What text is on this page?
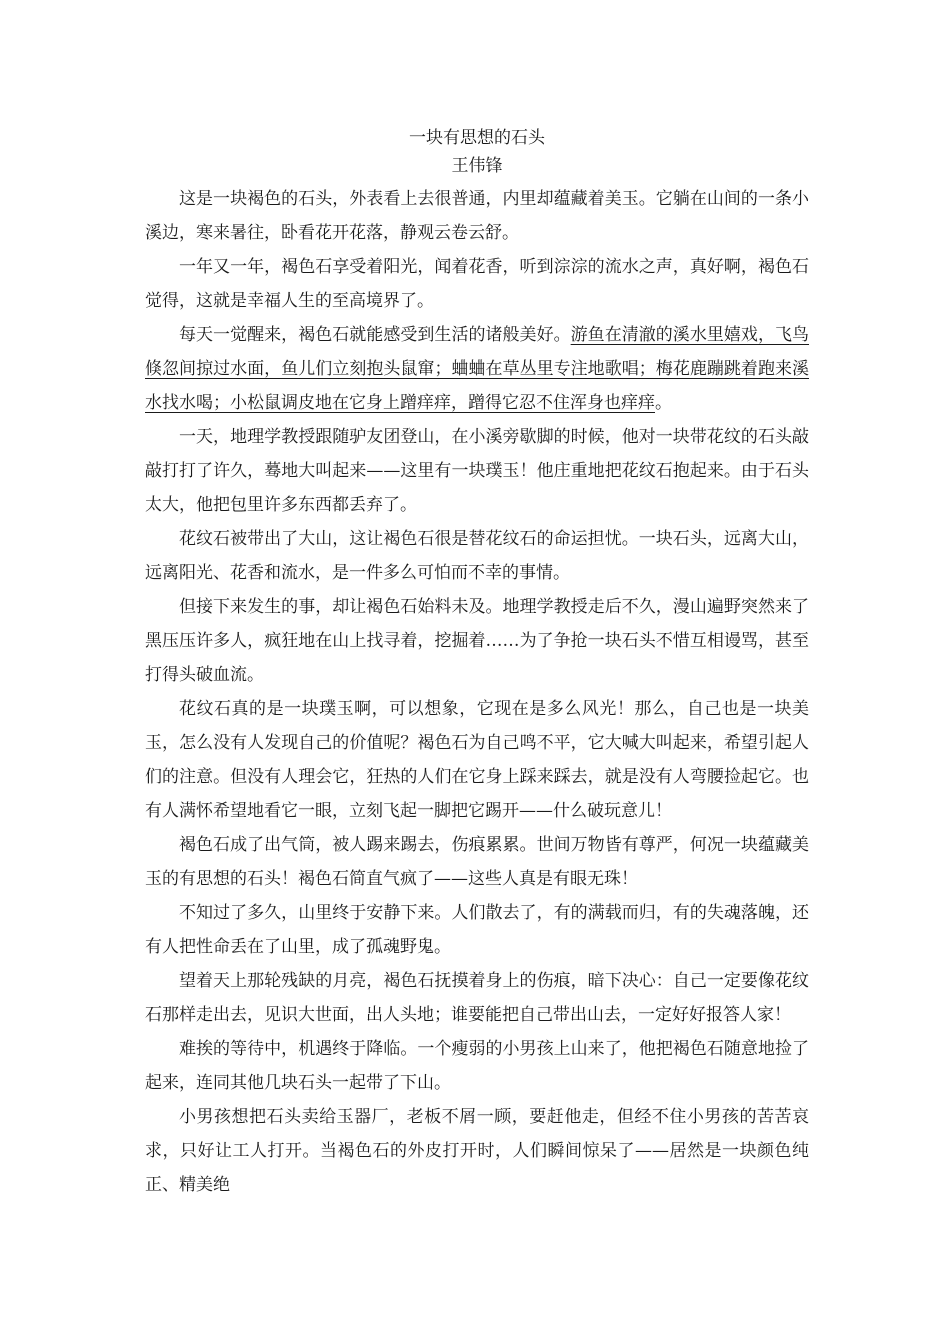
一块有思想的石头

王伟锋

这是一块褐色的石头，外表看上去很普通，内里却蕴藏着美玉。它躺在山间的一条小溪边，寒来暑往，卧看花开花落，静观云卷云舒。

一年又一年，褐色石享受着阳光，闻着花香，听到淙淙的流水之声，真好啊，褐色石觉得，这就是幸福人生的至高境界了。

每天一觉醒来，褐色石就能感受到生活的诸般美好。游鱼在清澈的溪水里嬉戏，飞鸟倏忽间掠过水面，鱼儿们立刻抱头鼠窜；蛐蛐在草丛里专注地歌唱；梅花鹿蹦跳着跑来溪水找水喝；小松鼠调皮地在它身上蹭痒痒，蹭得它忍不住浑身也痒痒。

一天，地理学教授跟随驴友团登山，在小溪旁歇脚的时候，他对一块带花纹的石头敲敲打打了许久，蓦地大叫起来——这里有一块璞玉！他庄重地把花纹石抱起来。由于石头太大，他把包里许多东西都丢弃了。

花纹石被带出了大山，这让褐色石很是替花纹石的命运担忧。一块石头，远离大山，远离阳光、花香和流水，是一件多么可怕而不幸的事情。

但接下来发生的事，却让褐色石始料未及。地理学教授走后不久，漫山遍野突然来了黑压压许多人，疯狂地在山上找寻着，挖掘着……为了争抢一块石头不惜互相谩骂，甚至打得头破血流。

花纹石真的是一块璞玉啊，可以想象，它现在是多么风光！那么，自己也是一块美玉，怎么没有人发现自己的价值呢？褐色石为自己鸣不平，它大喊大叫起来，希望引起人们的注意。但没有人理会它，狂热的人们在它身上踩来踩去，就是没有人弯腰捡起它。也有人满怀希望地看它一眼，立刻飞起一脚把它踢开——什么破玩意儿！

褐色石成了出气筒，被人踢来踢去，伤痕累累。世间万物皆有尊严，何况一块蕴藏美玉的有思想的石头！褐色石简直气疯了——这些人真是有眼无珠！

不知过了多久，山里终于安静下来。人们散去了，有的满载而归，有的失魂落魄，还有人把性命丢在了山里，成了孤魂野鬼。

望着天上那轮残缺的月亮，褐色石抚摸着身上的伤痕，暗下决心：自己一定要像花纹石那样走出去，见识大世面，出人头地；谁要能把自己带出山去，一定好好报答人家！

难挨的等待中，机遇终于降临。一个瘦弱的小男孩上山来了，他把褐色石随意地捡了起来，连同其他几块石头一起带了下山。

小男孩想把石头卖给玉器厂，老板不屑一顾，要赶他走，但经不住小男孩的苦苦哀求，只好让工人打开。当褐色石的外皮打开时，人们瞬间惊呆了——居然是一块颜色纯正、精美绝
